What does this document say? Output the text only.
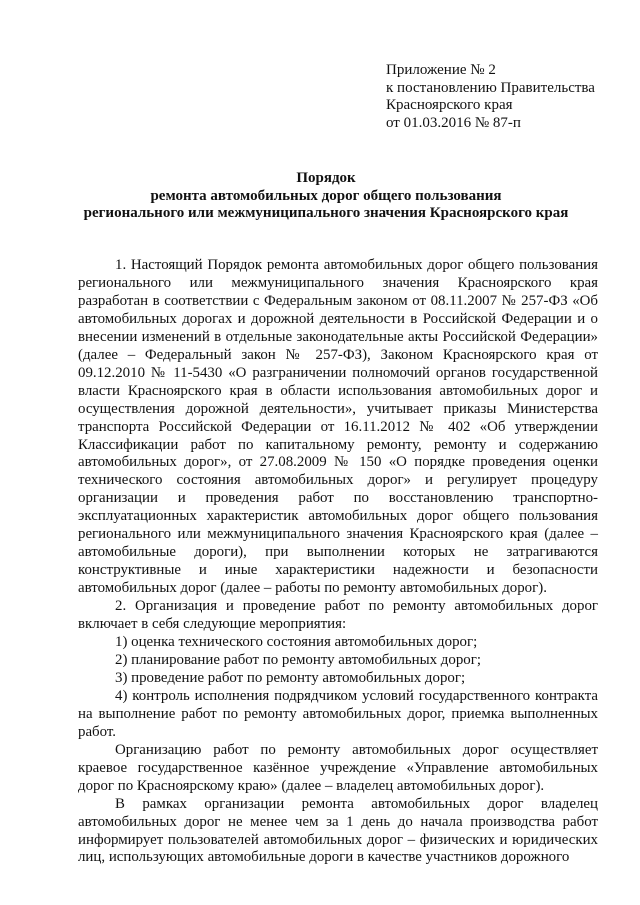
Приложение № 2
к постановлению Правительства
Красноярского края
от 01.03.2016 № 87-п
Порядок
ремонта автомобильных дорог общего пользования
регионального или межмуниципального значения Красноярского края

1. Настоящий Порядок ремонта автомобильных дорог общего пользования регионального или межмуниципального значения Красноярского края разработан в соответствии с Федеральным законом от 08.11.2007 № 257-ФЗ «Об автомобильных дорогах и дорожной деятельности в Российской Федерации и о внесении изменений в отдельные законодательные акты Российской Федерации» (далее – Федеральный закон № 257-ФЗ), Законом Красноярского края от 09.12.2010 № 11-5430 «О разграничении полномочий органов государственной власти Красноярского края в области использования автомобильных дорог и осуществления дорожной деятельности», учитывает приказы Министерства транспорта Российской Федерации от 16.11.2012 № 402 «Об утверждении Классификации работ по капитальному ремонту, ремонту и содержанию автомобильных дорог», от 27.08.2009 № 150 «О порядке проведения оценки технического состояния автомобильных дорог» и регулирует процедуру организации и проведения работ по восстановлению транспортно-эксплуатационных характеристик автомобильных дорог общего пользования регионального или межмуниципального значения Красноярского края (далее – автомобильные дороги), при выполнении которых не затрагиваются конструктивные и иные характеристики надежности и безопасности автомобильных дорог (далее – работы по ремонту автомобильных дорог).

2. Организация и проведение работ по ремонту автомобильных дорог включает в себя следующие мероприятия:

1) оценка технического состояния автомобильных дорог;

2) планирование работ по ремонту автомобильных дорог;

3) проведение работ по ремонту автомобильных дорог;

4) контроль исполнения подрядчиком условий государственного контракта на выполнение работ по ремонту автомобильных дорог, приемка выполненных работ.

Организацию работ по ремонту автомобильных дорог осуществляет краевое государственное казённое учреждение «Управление автомобильных дорог по Красноярскому краю» (далее – владелец автомобильных дорог).

В рамках организации ремонта автомобильных дорог владелец автомобильных дорог не менее чем за 1 день до начала производства работ информирует пользователей автомобильных дорог – физических и юридических лиц, использующих автомобильные дороги в качестве участников дорожного
